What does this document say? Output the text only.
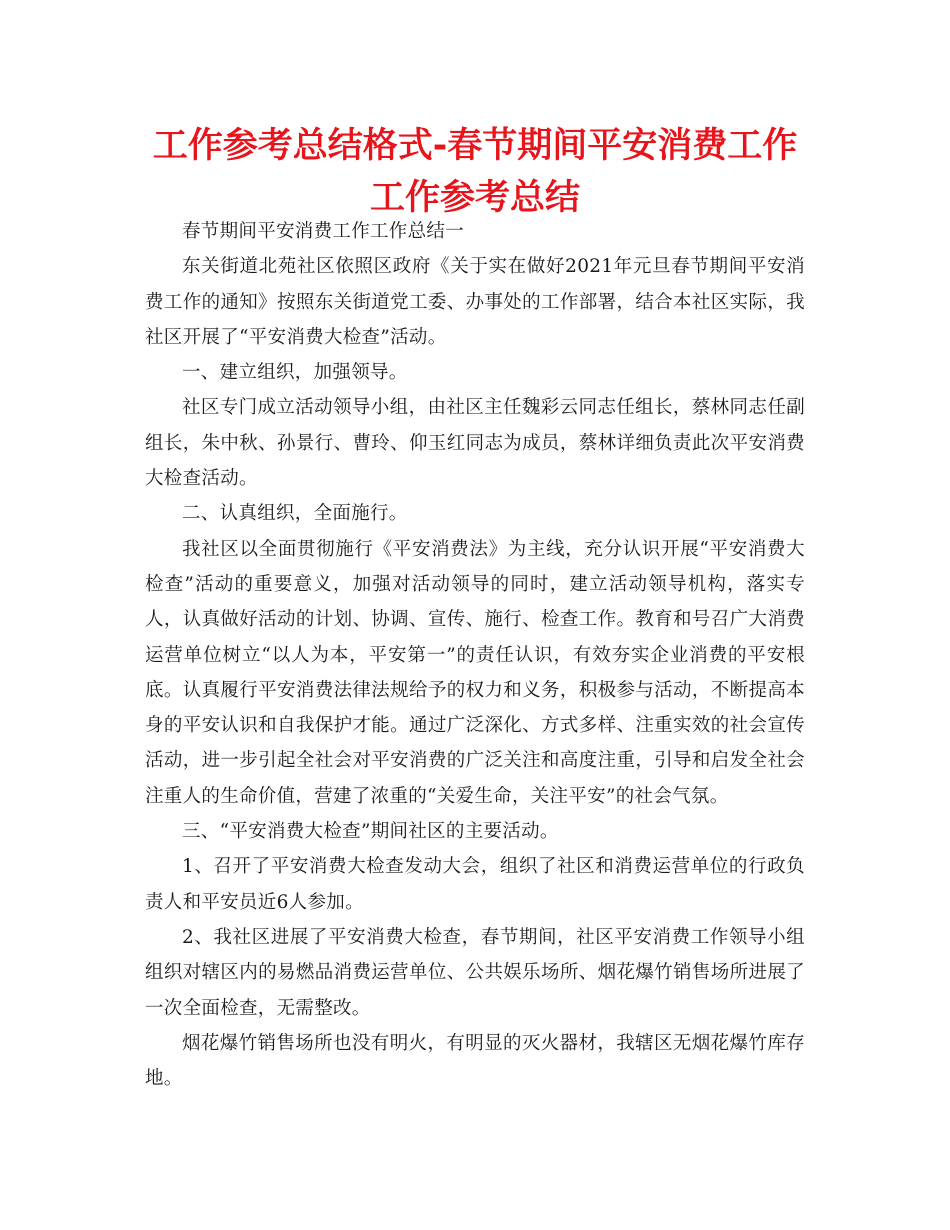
工作参考总结格式-春节期间平安消费工作工作参考总结

春节期间平安消费工作工作总结一

东关街道北苑社区依照区政府《关于实在做好2021年元旦春节期间平安消费工作的通知》按照东关街道党工委、办事处的工作部署，结合本社区实际，我社区开展了“平安消费大检查”活动。

一、建立组织，加强领导。

社区专门成立活动领导小组，由社区主任魏彩云同志任组长，蔡林同志任副组长，朱中秋、孙景行、曹玲、仰玉红同志为成员，蔡林详细负责此次平安消费大检查活动。

二、认真组织，全面施行。

我社区以全面贯彻施行《平安消费法》为主线，充分认识开展“平安消费大检查”活动的重要意义，加强对活动领导的同时，建立活动领导机构，落实专人，认真做好活动的计划、协调、宣传、施行、检查工作。教育和号召广大消费运营单位树立“以人为本，平安第一”的责任认识，有效夯实企业消费的平安根底。认真履行平安消费法律法规给予的权力和义务，积极参与活动，不断提高本身的平安认识和自我保护才能。通过广泛深化、方式多样、注重实效的社会宣传活动，进一步引起全社会对平安消费的广泛关注和高度注重，引导和启发全社会注重人的生命价值，营建了浓重的“关爱生命，关注平安”的社会气氛。

三、“平安消费大检查”期间社区的主要活动。

1、召开了平安消费大检查发动大会，组织了社区和消费运营单位的行政负责人和平安员近6人参加。

2、我社区进展了平安消费大检查，春节期间，社区平安消费工作领导小组组织对辖区内的易燃品消费运营单位、公共娱乐场所、烟花爆竹销售场所进展了一次全面检查，无需整改。

烟花爆竹销售场所也没有明火，有明显的灭火器材，我辖区无烟花爆竹库存地。
